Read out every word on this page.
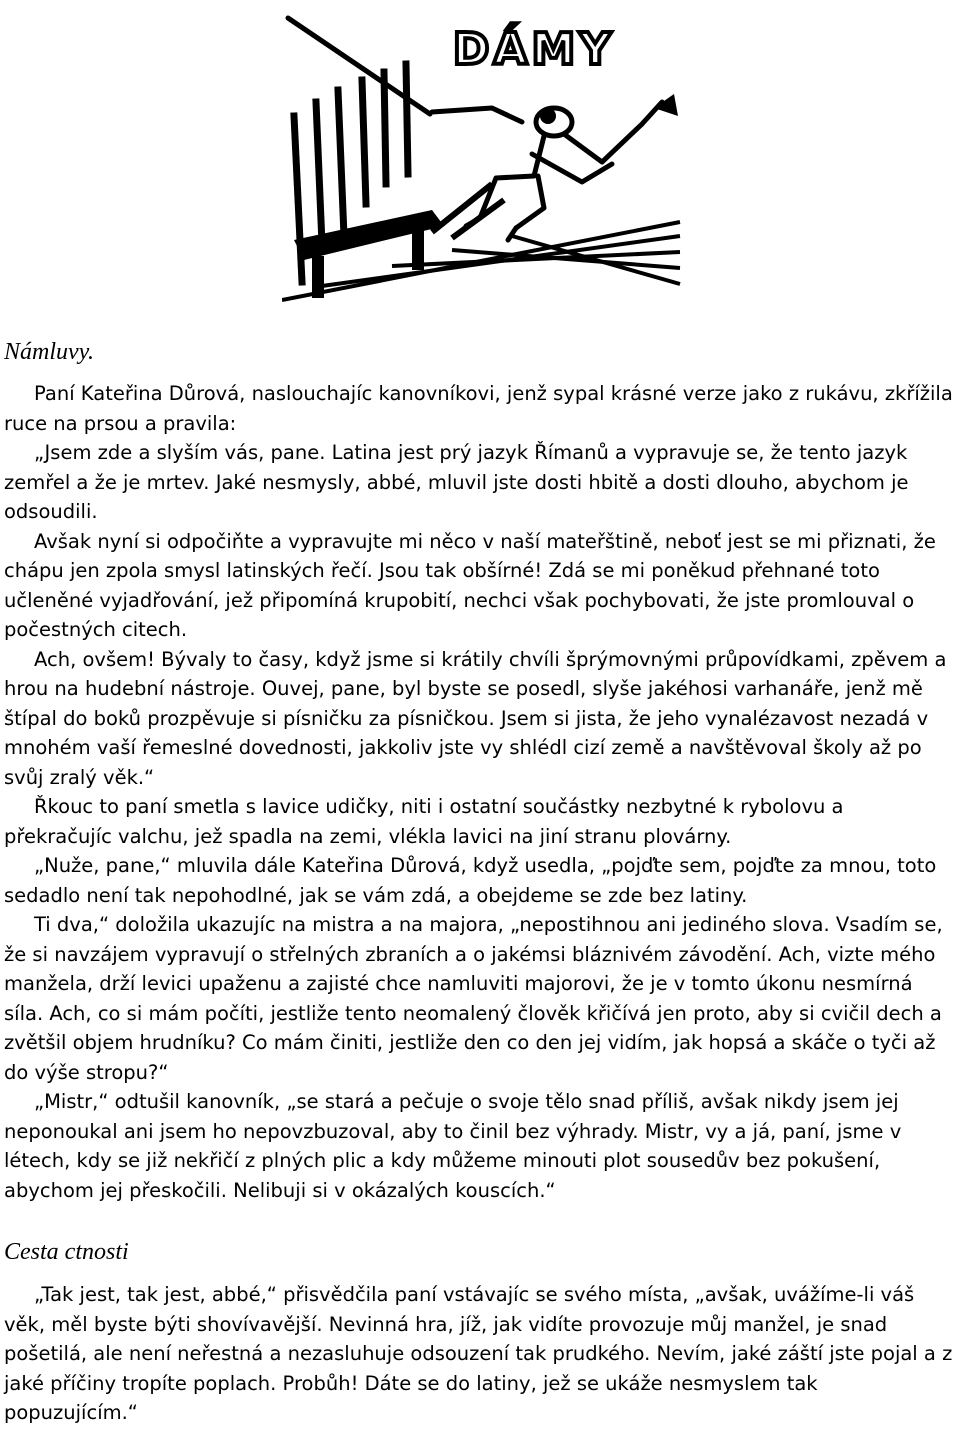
DÁMY
Námluvy.

Paní Kateřina Důrová, naslouchajíc kanovníkovi, jenž sypal krásné verze jako z rukávu, zkřížila ruce na prsou a pravila:

„Jsem zde a slyším vás, pane. Latina jest prý jazyk Římanů a vypravuje se, že tento jazyk zemřel a že je mrtev. Jaké nesmysly, abbé, mluvil jste dosti hbitě a dosti dlouho, abychom je odsoudili.

Avšak nyní si odpočiňte a vypravujte mi něco v naší mateřštině, neboť jest se mi přiznati, že chápu jen zpola smysl latinských řečí. Jsou tak obšírné! Zdá se mi poněkud přehnané toto učleněné vyjadřování, jež připomíná krupobití, nechci však pochybovati, že jste promlouval o počestných citech.

Ach, ovšem! Bývaly to časy, když jsme si krátily chvíli šprýmovnými průpovídkami, zpěvem a hrou na hudební nástroje. Ouvej, pane, byl byste se posedl, slyše jakéhosi varhanáře, jenž mě štípal do boků prozpěvuje si písničku za písničkou. Jsem si jista, že jeho vynalézavost nezadá v mnohém vaší řemeslné dovednosti, jakkoliv jste vy shlédl cizí země a navštěvoval školy až po svůj zralý věk.“

Řkouc to paní smetla s lavice udičky, niti i ostatní součástky nezbytné k rybolovu a překračujíc valchu, jež spadla na zemi, vlékla lavici na jiní stranu plovárny.

„Nuže, pane,“ mluvila dále Kateřina Důrová, když usedla, „pojďte sem, pojďte za mnou, toto sedadlo není tak nepohodlné, jak se vám zdá, a obejdeme se zde bez latiny.

Ti dva,“ doložila ukazujíc na mistra a na majora, „nepostihnou ani jediného slova. Vsadím se, že si navzájem vypravují o střelných zbraních a o jakémsi bláznivém závodění. Ach, vizte mého manžela, drží levici upaženu a zajisté chce namluviti majorovi, že je v tomto úkonu nesmírná síla. Ach, co si mám počíti, jestliže tento neomalený člověk křičívá jen proto, aby si cvičil dech a zvětšil objem hrudníku? Co mám činiti, jestliže den co den jej vidím, jak hopsá a skáče o tyči až do výše stropu?“

„Mistr,“ odtušil kanovník, „se stará a pečuje o svoje tělo snad příliš, avšak nikdy jsem jej neponoukal ani jsem ho nepovzbuzoval, aby to činil bez výhrady. Mistr, vy a já, paní, jsme v létech, kdy se již nekřičí z plných plic a kdy můžeme minouti plot sousedův bez pokušení, abychom jej přeskočili. Nelibuji si v okázalých kouscích.“

Cesta ctnosti

„Tak jest, tak jest, abbé,“ přisvědčila paní vstávajíc se svého místa, „avšak, uvážíme-li váš věk, měl byste býti shovívavější. Nevinná hra, jíž, jak vidíte provozuje můj manžel, je snad pošetilá, ale není neřestná a nezasluhuje odsouzení tak prudkého. Nevím, jaké záští jste pojal a z jaké příčiny tropíte poplach. Probůh! Dáte se do latiny, jež se ukáže nesmyslem tak popuzujícím.“
